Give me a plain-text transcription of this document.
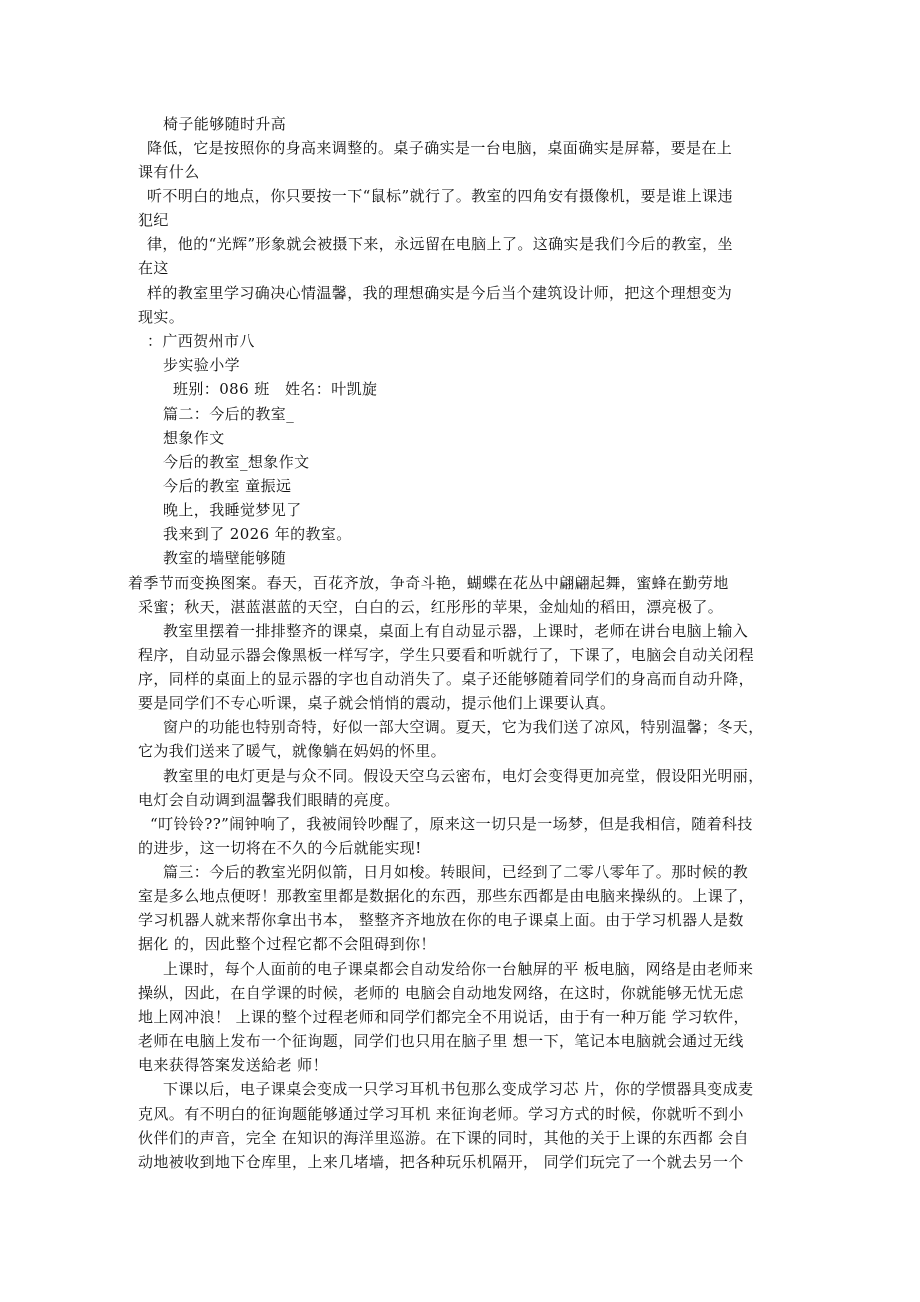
椅子能够随时升高
降低，它是按照你的身高来调整的。桌子确实是一台电脑，桌面确实是屏幕，要是在上
课有什么
听不明白的地点，你只要按一下“鼠标”就行了。教室的四角安有摄像机，要是谁上课违
犯纪
律，他的“光辉”形象就会被摄下来，永远留在电脑上了。这确实是我们今后的教室，坐
在这
样的教室里学习确决心情温馨，我的理想确实是今后当个建筑设计师，把这个理想变为
现实。
：广西贺州市八
步实验小学
班别：086 班　姓名：叶凯旋
篇二：今后的教室_
想象作文
今后的教室_想象作文
今后的教室 童振远
晚上，我睡觉梦见了
我来到了 2026 年的教室。
教室的墙壁能够随
着季节而变换图案。春天，百花齐放，争奇斗艳，蝴蝶在花丛中翩翩起舞，蜜蜂在勤劳地
采蜜；秋天，湛蓝湛蓝的天空，白白的云，红彤彤的苹果，金灿灿的稻田，漂亮极了。
教室里摆着一排排整齐的课桌，桌面上有自动显示器，上课时，老师在讲台电脑上输入
程序，自动显示器会像黑板一样写字，学生只要看和听就行了，下课了，电脑会自动关闭程
序，同样的桌面上的显示器的字也自动消失了。桌子还能够随着同学们的身高而自动升降，
要是同学们不专心听课，桌子就会悄悄的震动，提示他们上课要认真。
窗户的功能也特别奇特，好似一部大空调。夏天，它为我们送了凉风，特别温馨；冬天，
它为我们送来了暖气，就像躺在妈妈的怀里。
教室里的电灯更是与众不同。假设天空乌云密布，电灯会变得更加亮堂，假设阳光明丽，
电灯会自动调到温馨我们眼睛的亮度。
“叮铃铃??”闹钟响了，我被闹铃吵醒了，原来这一切只是一场梦，但是我相信，随着科技
的进步，这一切将在不久的今后就能实现!
篇三：今后的教室光阴似箭，日月如梭。转眼间，已经到了二零八零年了。那时候的教
室是多么地点便呀！那教室里都是数据化的东西，那些东西都是由电脑来操纵的。上课了，
学习机器人就来帮你拿出书本， 整整齐齐地放在你的电子课桌上面。由于学习机器人是数
据化 的，因此整个过程它都不会阻碍到你！
上课时，每个人面前的电子课桌都会自动发给你一台触屏的平 板电脑，网络是由老师来
操纵，因此，在自学课的时候，老师的 电脑会自动地发网络，在这时，你就能够无忧无虑
地上网冲浪！ 上课的整个过程老师和同学们都完全不用说话，由于有一种万能 学习软件，
老师在电脑上发布一个征询题，同学们也只用在脑子里 想一下，笔记本电脑就会通过无线
电来获得答案发送給老 师！
下课以后，电子课桌会变成一只学习耳机书包那么变成学习芯 片，你的学惯器具变成麦
克风。有不明白的征询题能够通过学习耳机 来征询老师。学习方式的时候，你就听不到小
伙伴们的声音，完全 在知识的海洋里巡游。在下课的同时，其他的关于上课的东西都 会自
动地被收到地下仓库里，上来几堵墙，把各种玩乐机隔开， 同学们玩完了一个就去另一个
